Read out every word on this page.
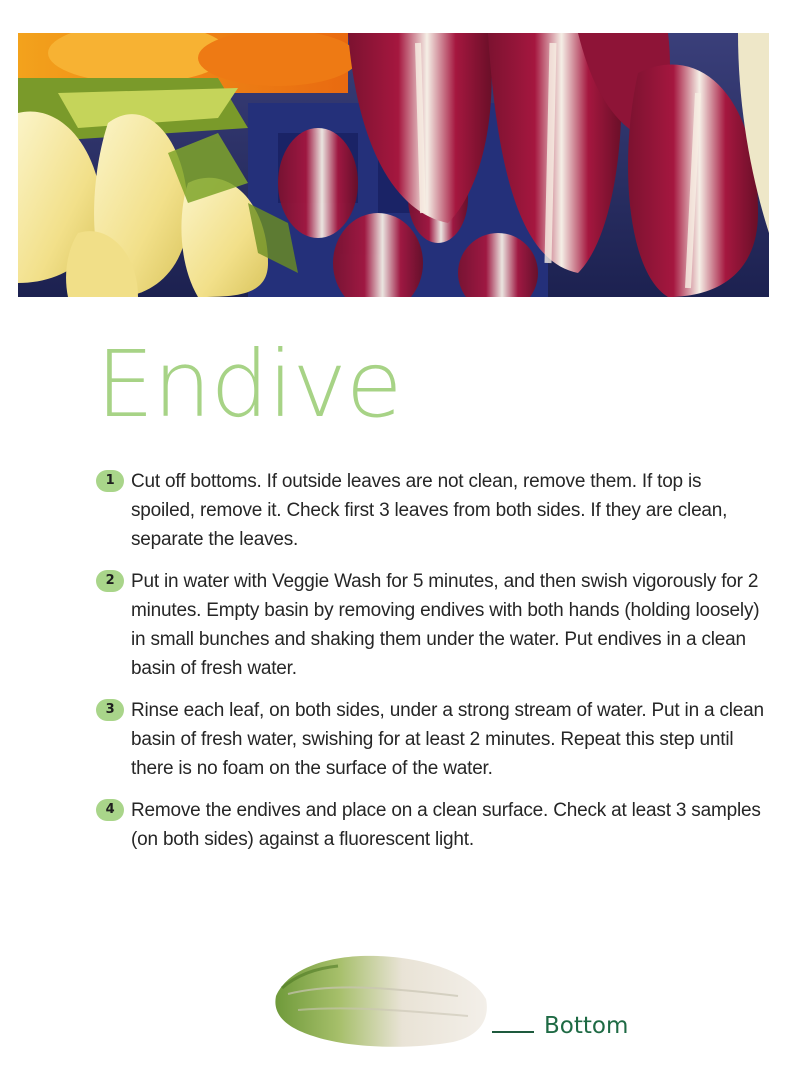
Endive
1 Cut off bottoms. If outside leaves are not clean, remove them. If top is spoiled, remove it. Check first 3 leaves from both sides. If they are clean, separate the leaves.
2 Put in water with Veggie Wash for 5 minutes, and then swish vigorously for 2 minutes. Empty basin by removing endives with both hands (holding loosely) in small bunches and shaking them under the water. Put endives in a clean basin of fresh water.
3 Rinse each leaf, on both sides, under a strong stream of water. Put in a clean basin of fresh water, swishing for at least 2 minutes. Repeat this step until there is no foam on the surface of the water.
4 Remove the endives and place on a clean surface. Check at least 3 samples (on both sides) against a fluorescent light.
Bottom
